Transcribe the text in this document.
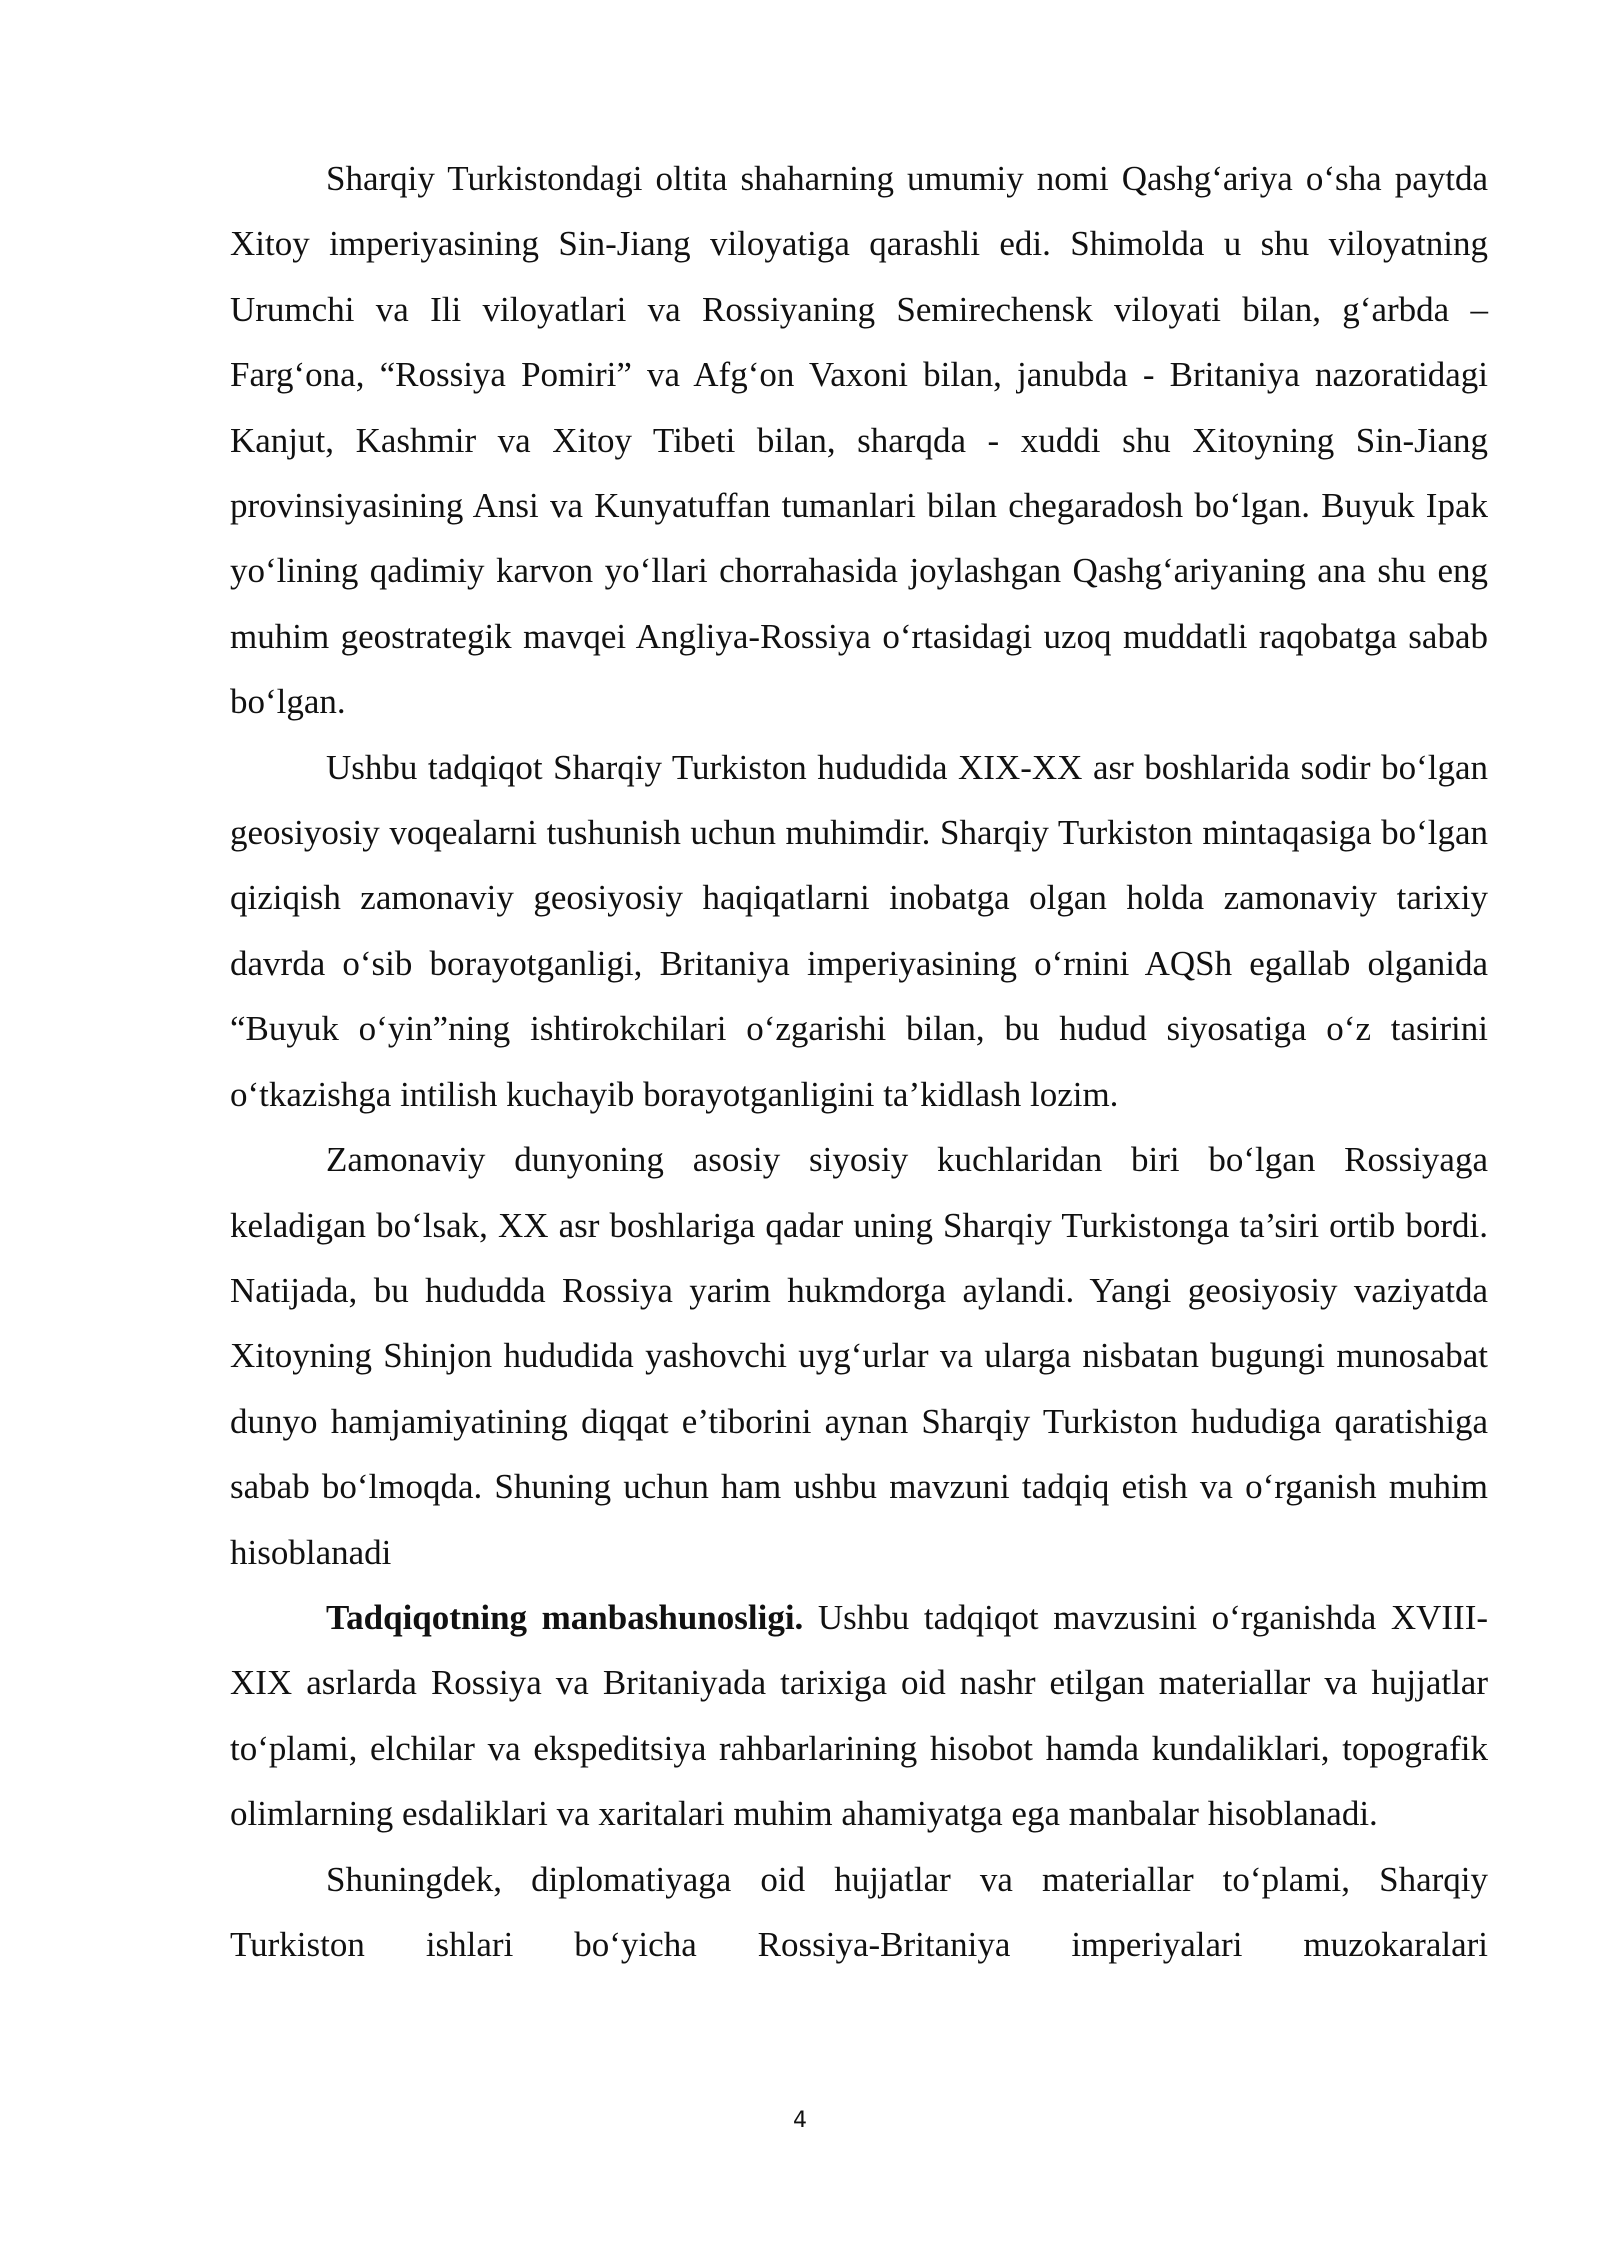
Sharqiy Turkistondagi oltita shaharning umumiy nomi Qashg‘ariya o‘sha paytda Xitoy imperiyasining Sin-Jiang viloyatiga qarashli edi. Shimolda u shu viloyatning Urumchi va Ili viloyatlari va Rossiyaning Semirechensk viloyati bilan, g‘arbda – Farg‘ona, “Rossiya Pomiri” va Afg‘on Vaxoni bilan, janubda - Britaniya nazoratidagi Kanjut, Kashmir va Xitoy Tibeti bilan, sharqda - xuddi shu Xitoyning Sin-Jiang provinsiyasining Ansi va Kunyatuffan tumanlari bilan chegaradosh bo‘lgan. Buyuk Ipak yo‘lining qadimiy karvon yo‘llari chorrahasida joylashgan Qashg‘ariyaning ana shu eng muhim geostrategik mavqei Angliya-Rossiya o‘rtasidagi uzoq muddatli raqobatga sabab bo‘lgan.

Ushbu tadqiqot Sharqiy Turkiston hududida XIX-XX asr boshlarida sodir bo‘lgan geosiyosiy voqealarni tushunish uchun muhimdir. Sharqiy Turkiston mintaqasiga bo‘lgan qiziqish zamonaviy geosiyosiy haqiqatlarni inobatga olgan holda zamonaviy tarixiy davrda o‘sib borayotganligi, Britaniya imperiyasining o‘rnini AQSh egallab olganida “Buyuk o‘yin”ning ishtirokchilari o‘zgarishi bilan, bu hudud siyosatiga o‘z tasirini o‘tkazishga intilish kuchayib borayotganligini ta’kidlash lozim.

Zamonaviy dunyoning asosiy siyosiy kuchlaridan biri bo‘lgan Rossiyaga keladigan bo‘lsak, XX asr boshlariga qadar uning Sharqiy Turkistonga ta’siri ortib bordi. Natijada, bu hududda Rossiya yarim hukmdorga aylandi. Yangi geosiyosiy vaziyatda Xitoyning Shinjon hududida yashovchi uyg‘urlar va ularga nisbatan bugungi munosabat dunyo hamjamiyatining diqqat e’tiborini aynan Sharqiy Turkiston hududiga qaratishiga sabab bo‘lmoqda. Shuning uchun ham ushbu mavzuni tadqiq etish va o‘rganish muhim hisoblanadi

Tadqiqotning manbashunosligi. Ushbu tadqiqot mavzusini o‘rganishda XVIII-XIX asrlarda Rossiya va Britaniyada tarixiga oid nashr etilgan materiallar va hujjatlar to‘plami, elchilar va ekspeditsiya rahbarlarining hisobot hamda kundaliklari, topografik olimlarning esdaliklari va xaritalari muhim ahamiyatga ega manbalar hisoblanadi.

Shuningdek, diplomatiyaga oid hujjatlar va materiallar to‘plami, Sharqiy Turkiston ishlari bo‘yicha Rossiya-Britaniya imperiyalari muzokaralari

4
